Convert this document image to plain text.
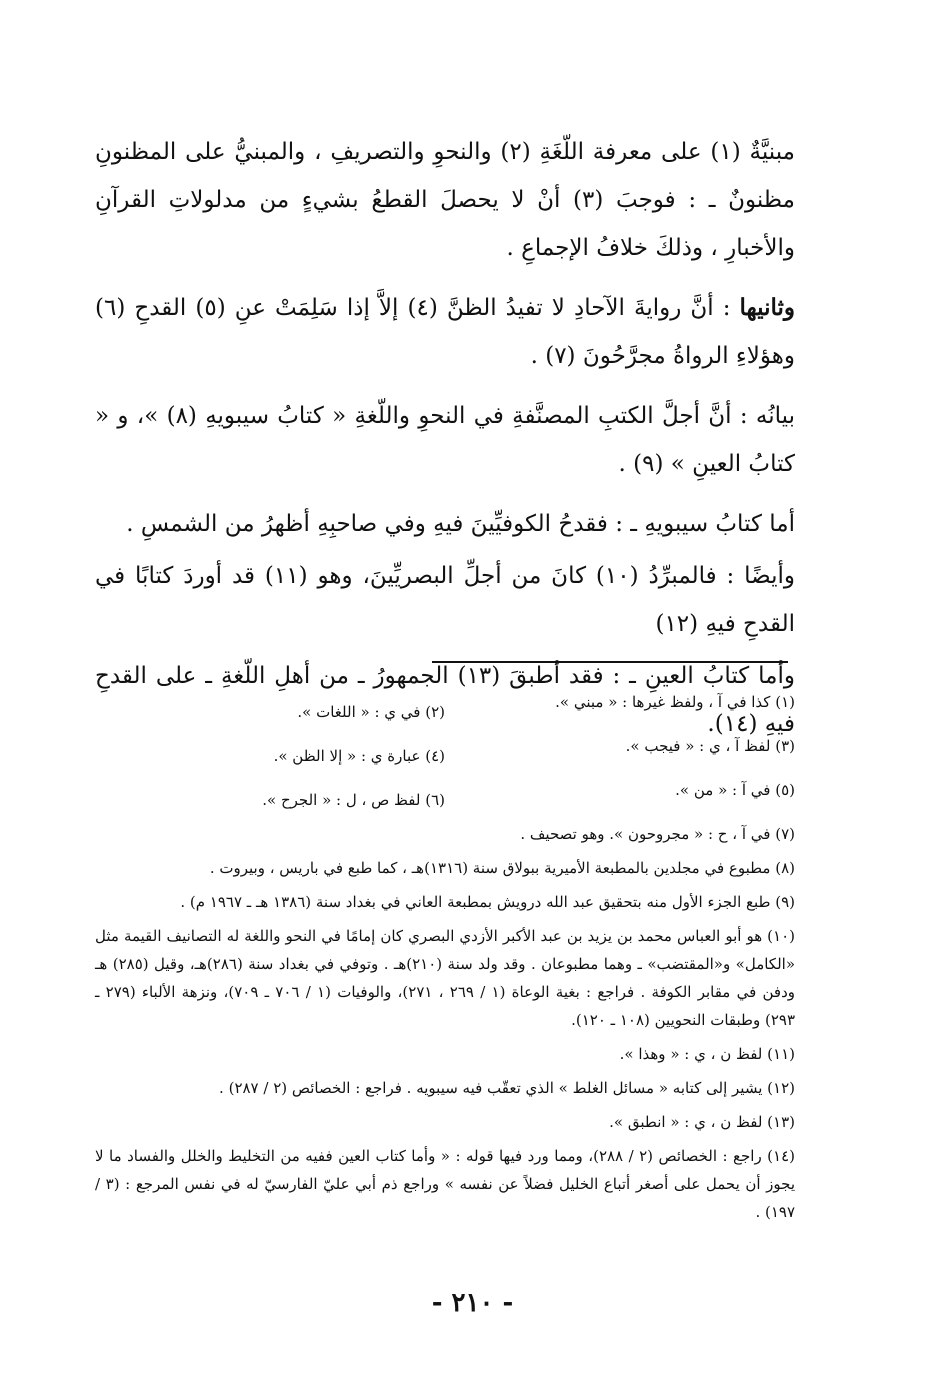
مبنيَّةٌ (١) على معرفة اللّغَةِ (٢) والنحوِ والتصريفِ ، والمبنيُّ على المظنونِ مظنونٌ ـ : فوجبَ (٣) أنْ لا يحصلَ القطعُ بشيءٍ من مدلولاتِ القرآنِ والأخبارِ ، وذلكَ خلافُ الإجماعِ .

وثانيها : أنَّ روايةَ الآحادِ لا تفيدُ الظنَّ (٤) إلاَّ إذا سَلِمَتْ عنِ (٥) القدحِ (٦) وهؤلاءِ الرواةُ مجرَّحُونَ (٧) .

بيانُه : أنَّ أجلَّ الكتبِ المصنَّفةِ في النحوِ واللّغةِ « كتابُ سيبويهِ (٨) »، و « كتابُ العينِ » (٩) .

أما كتابُ سيبويهِ ـ : فقدحُ الكوفيِّينَ فيهِ وفي صاحبِهِ أظهرُ من الشمسِ .

وأيضًا : فالمبرِّدُ (١٠) كانَ من أجلِّ البصريِّينَ، وهو (١١) قد أوردَ كتابًا في القدحِ فيهِ (١٢)

وأما كتابُ العينِ ـ : فقد أطبقَ (١٣) الجمهورُ ـ من أهلِ اللّغةِ ـ على القدحِ فيهِ (١٤).

(١) كذا في آ ، ولفظ غيرها : « مبني ».

(٢) في ي : « اللغات ».

(٣) لفظ آ ، ي : « فيجب ».

(٤) عبارة ي : « إلا الظن ».

(٥) في آ : « من ».

(٦) لفظ ص ، ل : « الجرح ».

(٧) في آ ، ح : « مجروحون ». وهو تصحيف .

(٨) مطبوع في مجلدين بالمطبعة الأميرية ببولاق سنة (١٣١٦)هـ ، كما طبع في باريس ، وبيروت .

(٩) طبع الجزء الأول منه بتحقيق عبد الله درويش بمطبعة العاني في بغداد سنة (١٣٨٦ هـ ـ ١٩٦٧ م) .

(١٠) هو أبو العباس محمد بن يزيد بن عبد الأكبر الأزدي البصري كان إمامًا في النحو واللغة له التصانيف القيمة مثل «الكامل» و«المقتضب» ـ وهما مطبوعان . وقد ولد سنة (٢١٠)هـ . وتوفي في بغداد سنة (٢٨٦)هـ، وقيل (٢٨٥) هـ ودفن في مقابر الكوفة . فراجع : بغية الوعاة (١ / ٢٦٩ ، ٢٧١)، والوفيات (١ / ٧٠٦ ـ ٧٠٩)، ونزهة الألباء (٢٧٩ ـ ٢٩٣) وطبقات النحويين (١٠٨ ـ ١٢٠).

(١١) لفظ ن ، ي : « وهذا ».

(١٢) يشير إلى كتابه « مسائل الغلط » الذي تعقّب فيه سيبويه . فراجع : الخصائص (٢ / ٢٨٧) .

(١٣) لفظ ن ، ي : « انطبق ».

(١٤) راجع : الخصائص (٢ / ٢٨٨)، ومما ورد فيها قوله : « وأما كتاب العين ففيه من التخليط والخلل والفساد ما لا يجوز أن يحمل على أصغر أتباع الخليل فضلاً عن نفسه » وراجع ذم أبي عليّ الفارسيّ له في نفس المرجع : (٣ / ١٩٧) .

- ٢١٠ -
